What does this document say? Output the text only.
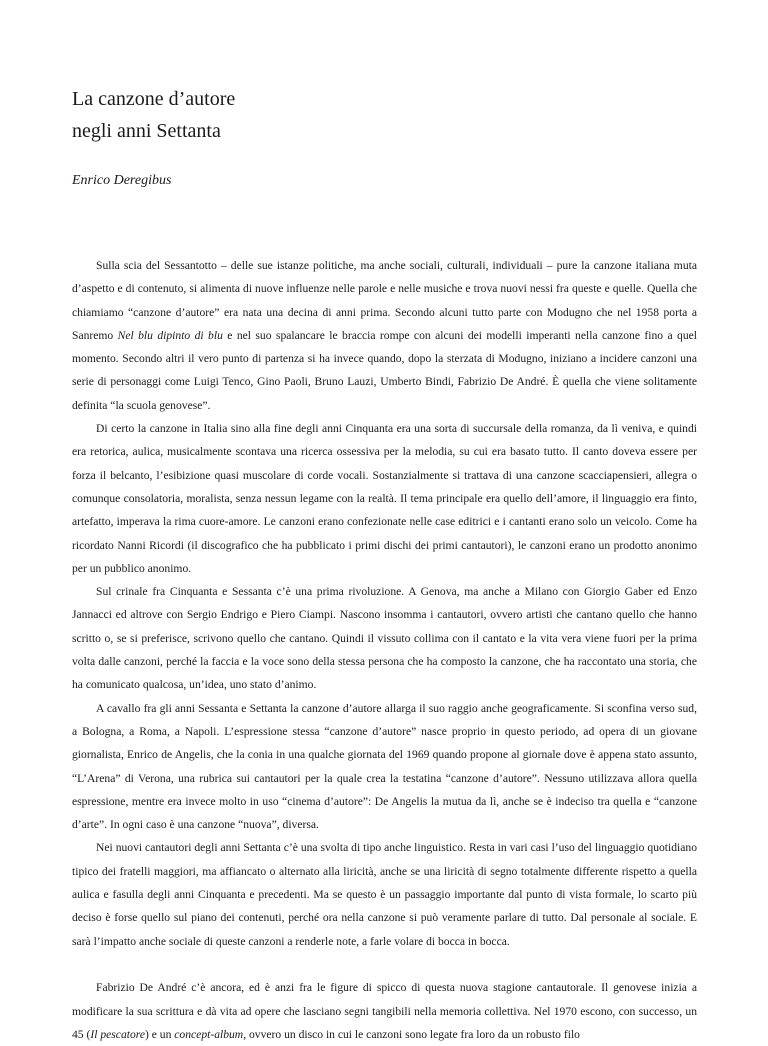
La canzone d’autore
negli anni Settanta

Enrico Deregibus

Sulla scia del Sessantotto – delle sue istanze politiche, ma anche sociali, culturali, individuali – pure la canzone italiana muta d’aspetto e di contenuto, si alimenta di nuove influenze nelle parole e nelle musiche e trova nuovi nessi fra queste e quelle. Quella che chiamiamo “canzone d’autore” era nata una decina di anni prima. Secondo alcuni tutto parte con Modugno che nel 1958 porta a Sanremo Nel blu dipinto di blu e nel suo spalancare le braccia rompe con alcuni dei modelli imperanti nella canzone fino a quel momento. Secondo altri il vero punto di partenza si ha invece quando, dopo la sterzata di Modugno, iniziano a incidere canzoni una serie di personaggi come Luigi Tenco, Gino Paoli, Bruno Lauzi, Umberto Bindi, Fabrizio De André. È quella che viene solitamente definita “la scuola genovese”.

Di certo la canzone in Italia sino alla fine degli anni Cinquanta era una sorta di succursale della romanza, da lì veniva, e quindi era retorica, aulica, musicalmente scontava una ricerca ossessiva per la melodia, su cui era basato tutto. Il canto doveva essere per forza il belcanto, l’esibizione quasi muscolare di corde vocali. Sostanzialmente si trattava di una canzone scacciapensieri, allegra o comunque consolatoria, moralista, senza nessun legame con la realtà. Il tema principale era quello dell’amore, il linguaggio era finto, artefatto, imperava la rima cuore-amore. Le canzoni erano confezionate nelle case editrici e i cantanti erano solo un veicolo. Come ha ricordato Nanni Ricordi (il discografico che ha pubblicato i primi dischi dei primi cantautori), le canzoni erano un prodotto anonimo per un pubblico anonimo.

Sul crinale fra Cinquanta e Sessanta c’è una prima rivoluzione. A Genova, ma anche a Milano con Giorgio Gaber ed Enzo Jannacci ed altrove con Sergio Endrigo e Piero Ciampi. Nascono insomma i cantautori, ovvero artisti che cantano quello che hanno scritto o, se si preferisce, scrivono quello che cantano. Quindi il vissuto collima con il cantato e la vita vera viene fuori per la prima volta dalle canzoni, perché la faccia e la voce sono della stessa persona che ha composto la canzone, che ha raccontato una storia, che ha comunicato qualcosa, un’idea, uno stato d’animo.

A cavallo fra gli anni Sessanta e Settanta la canzone d’autore allarga il suo raggio anche geograficamente. Si sconfina verso sud, a Bologna, a Roma, a Napoli. L’espressione stessa “canzone d’autore” nasce proprio in questo periodo, ad opera di un giovane giornalista, Enrico de Angelis, che la conia in una qualche giornata del 1969 quando propone al giornale dove è appena stato assunto, “L’Arena” di Verona, una rubrica sui cantautori per la quale crea la testatina “canzone d’autore”. Nessuno utilizzava allora quella espressione, mentre era invece molto in uso “cinema d’autore”: De Angelis la mutua da lì, anche se è indeciso tra quella e “canzone d’arte”. In ogni caso è una canzone “nuova”, diversa.

Nei nuovi cantautori degli anni Settanta c’è una svolta di tipo anche linguistico. Resta in vari casi l’uso del linguaggio quotidiano tipico dei fratelli maggiori, ma affiancato o alternato alla liricità, anche se una liricità di segno totalmente differente rispetto a quella aulica e fasulla degli anni Cinquanta e precedenti. Ma se questo è un passaggio importante dal punto di vista formale, lo scarto più deciso è forse quello sul piano dei contenuti, perché ora nella canzone si può veramente parlare di tutto. Dal personale al sociale. E sarà l’impatto anche sociale di queste canzoni a renderle note, a farle volare di bocca in bocca.

Fabrizio De André c’è ancora, ed è anzi fra le figure di spicco di questa nuova stagione cantautorale. Il genovese inizia a modificare la sua scrittura e dà vita ad opere che lasciano segni tangibili nella memoria collettiva. Nel 1970 escono, con successo, un 45 (Il pescatore) e un concept-album, ovvero un disco in cui le canzoni sono legate fra loro da un robusto filo
